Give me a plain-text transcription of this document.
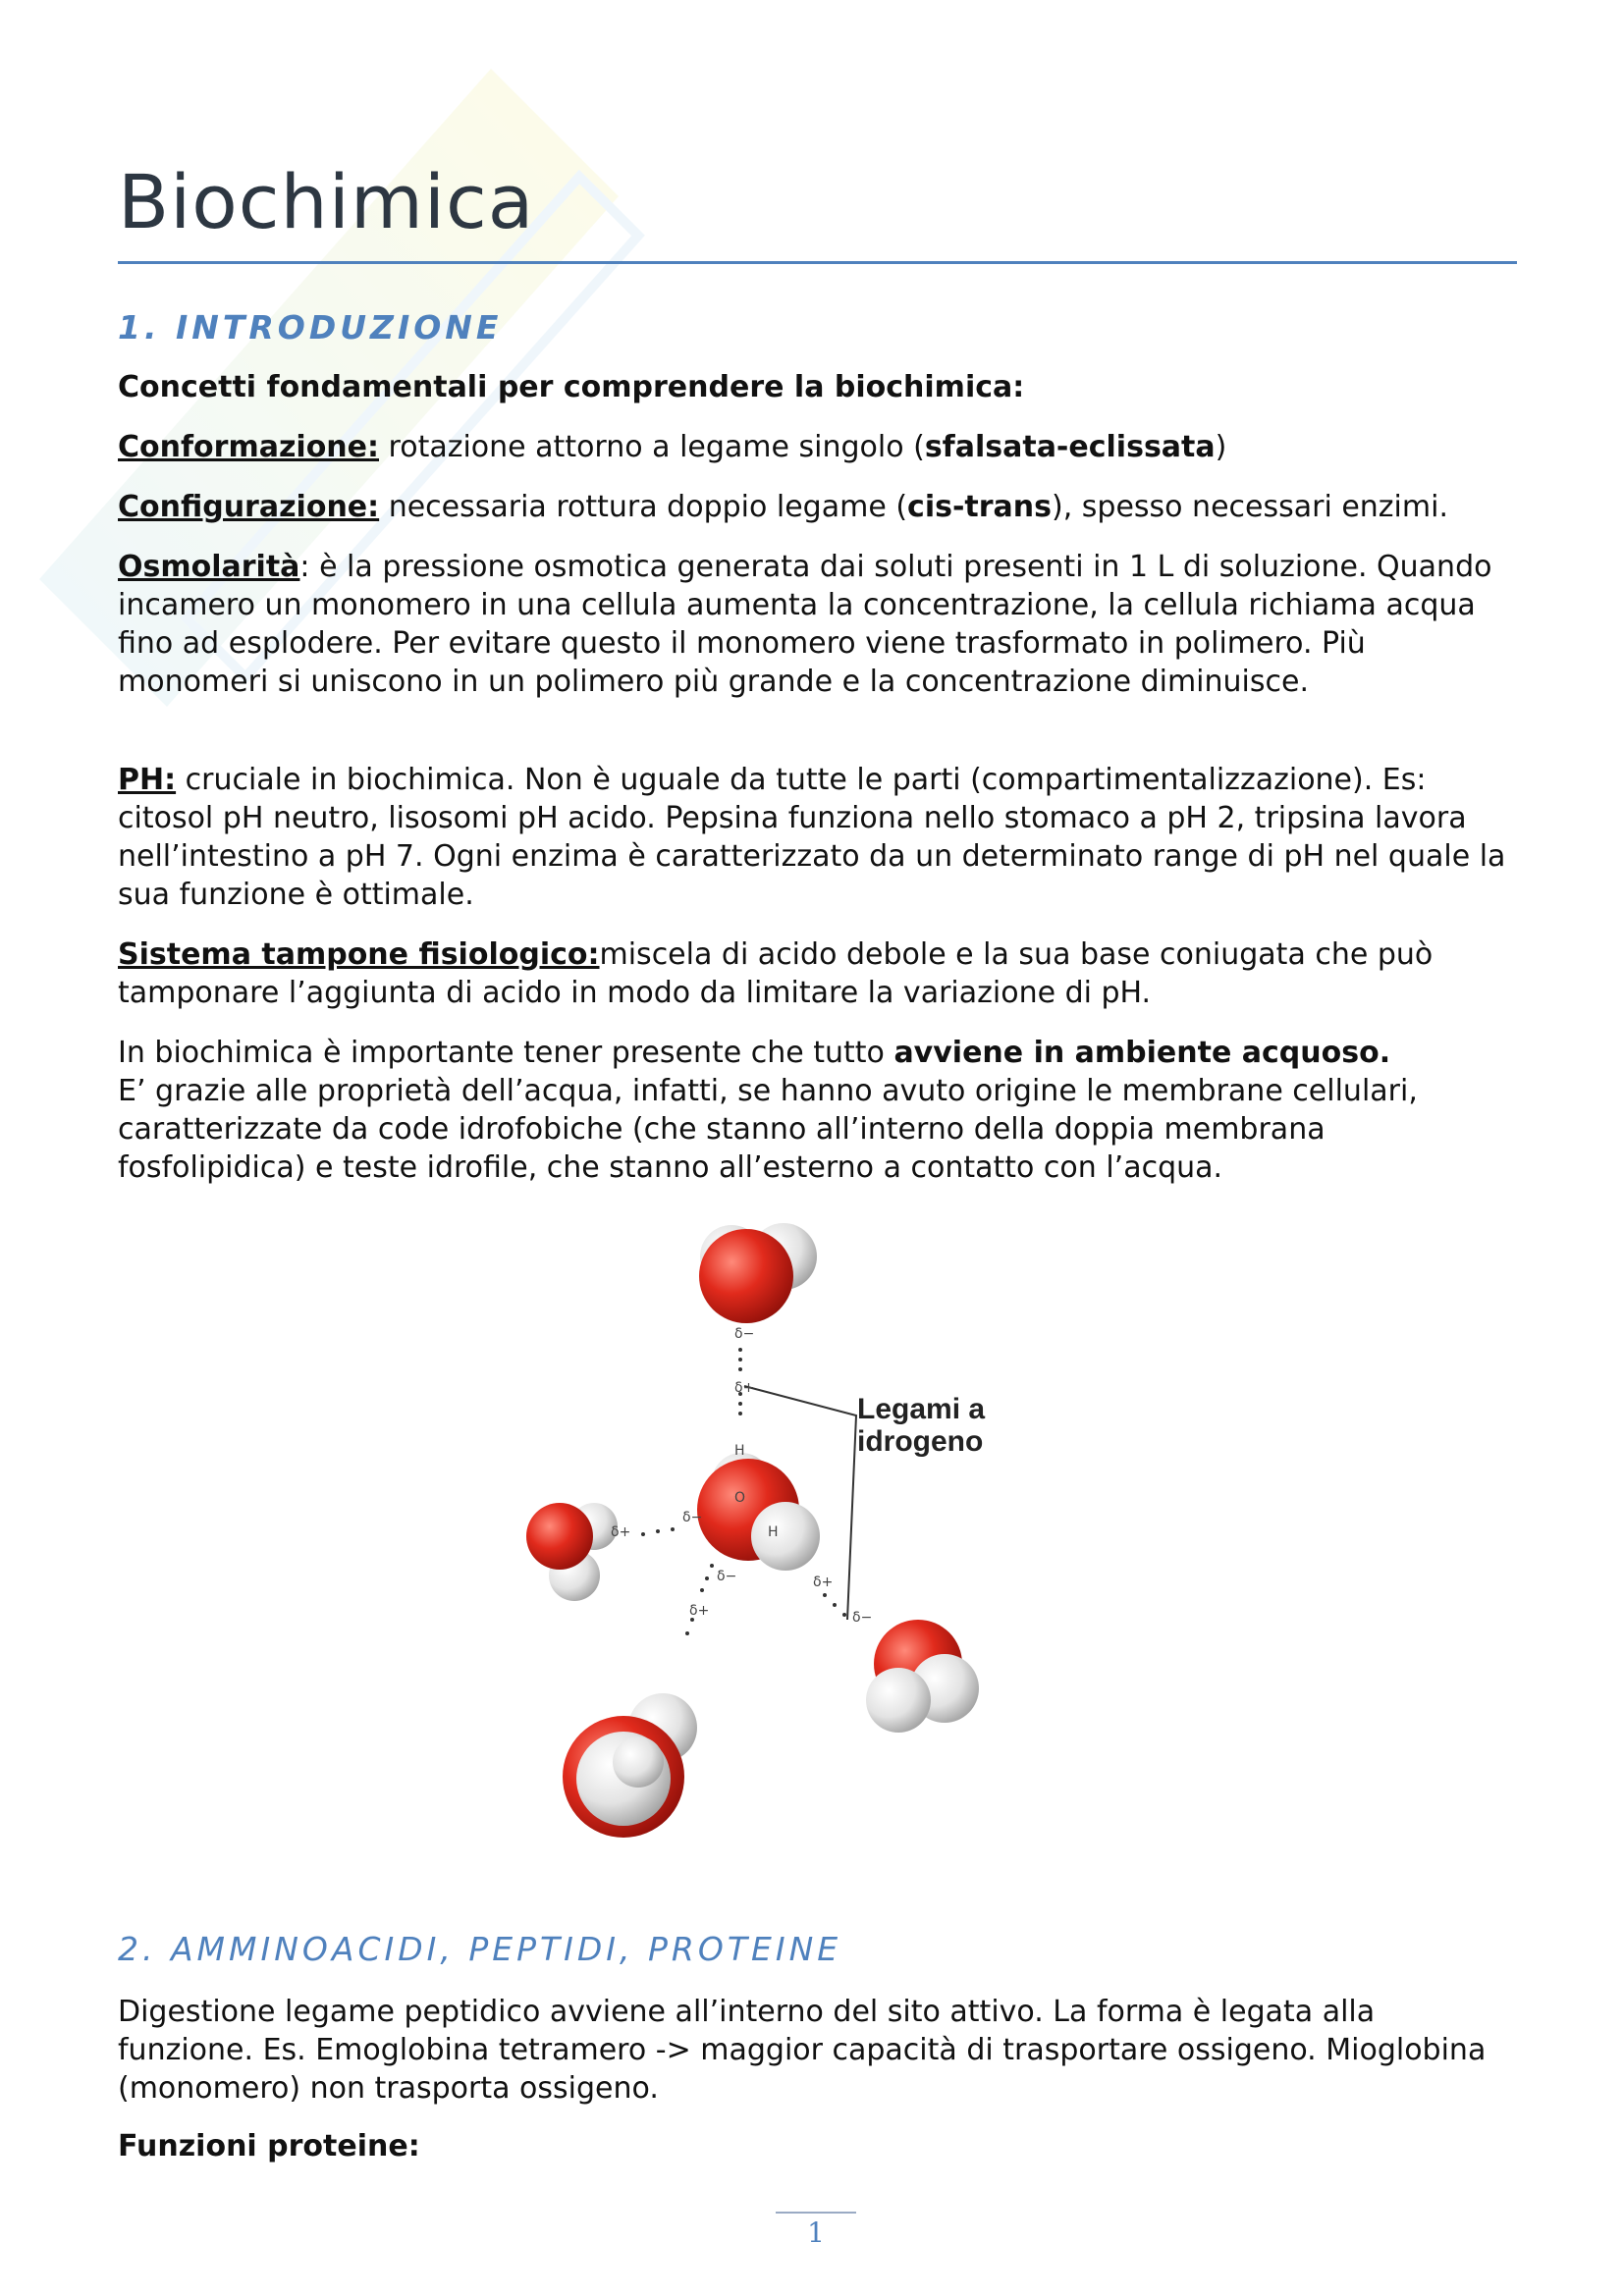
Biochimica
1. INTRODUZIONE

Concetti fondamentali per comprendere la biochimica:

Conformazione: rotazione attorno a legame singolo (sfalsata-eclissata)

Configurazione: necessaria rottura doppio legame (cis-trans), spesso necessari enzimi.

Osmolarità: è la pressione osmotica generata dai soluti presenti in 1 L di soluzione. Quando incamero un monomero in una cellula aumenta la concentrazione, la cellula richiama acqua fino ad esplodere. Per evitare questo il monomero viene trasformato in polimero. Più monomeri si uniscono in un polimero più grande e la concentrazione diminuisce.

PH: cruciale in biochimica. Non è uguale da tutte le parti (compartimentalizzazione). Es: citosol pH neutro, lisosomi pH acido. Pepsina funziona nello stomaco a pH 2, tripsina lavora nell’intestino a pH 7. Ogni enzima è caratterizzato da un determinato range di pH nel quale la sua funzione è ottimale.

Sistema tampone fisiologico:miscela di acido debole e la sua base coniugata che può tamponare l’aggiunta di acido in modo da limitare la variazione di pH.

In biochimica è importante tener presente che tutto avviene in ambiente acquoso.
E’ grazie alle proprietà dell’acqua, infatti, se hanno avuto origine le membrane cellulari, caratterizzate da code idrofobiche (che stanno all’interno della doppia membrana fosfolipidica) e teste idrofile, che stanno all’esterno a contatto con l’acqua.

2. AMMINOACIDI, PEPTIDI, PROTEINE

Digestione legame peptidico avviene all’interno del sito attivo. La forma è legata alla funzione. Es. Emoglobina tetramero -> maggior capacità di trasportare ossigeno. Mioglobina (monomero) non trasporta ossigeno.

Funzioni proteine:

Legami a
idrogeno
δ−
δ+
δ+
δ−
δ−
δ+
δ+
δ−
H
O
H
1
